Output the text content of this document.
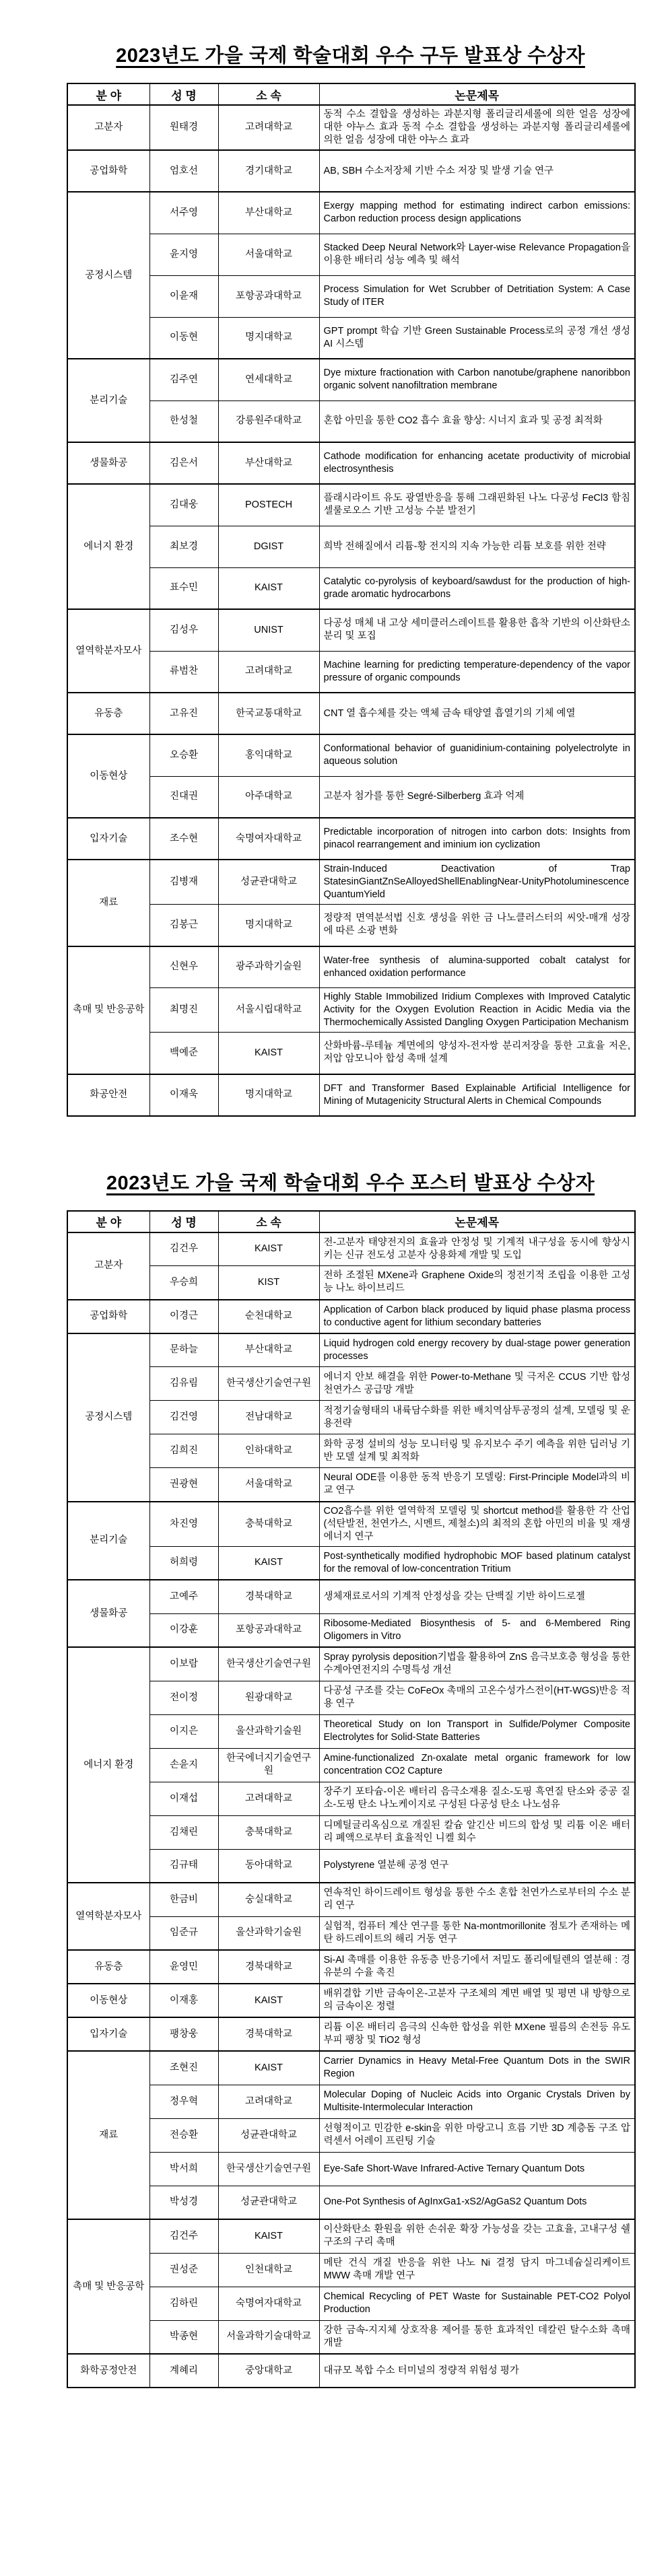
2023년도 가을 국제 학술대회 우수 구두 발표상 수상자
분 야	성 명	소 속	논문제목
고분자	원태경	고려대학교	동적 수소 결합을 생성하는 과분지형 폴리글리세롤에 의한 얼음 성장에 대한 야누스 효과 동적 수소 결합을 생성하는 과분지형 폴리글리세롤에 의한 얼음 성장에 대한 야누스 효과
공업화학	엄호선	경기대학교	AB, SBH 수소저장체 기반 수소 저장 및 발생 기술 연구
공정시스템	서주영	부산대학교	Exergy mapping method for estimating indirect carbon emissions: Carbon reduction process design applications
	윤지영	서울대학교	Stacked Deep Neural Network와 Layer-wise Relevance Propagation을 이용한 배터리 성능 예측 및 해석
	이윤재	포항공과대학교	Process Simulation for Wet Scrubber of Detritiation System: A Case Study of ITER
	이동현	명지대학교	GPT prompt 학습 기반 Green Sustainable Process로의 공정 개선 생성 AI 시스템
분리기술	김주연	연세대학교	Dye mixture fractionation with Carbon nanotube/graphene nanoribbon organic solvent nanofiltration membrane
	한성철	강릉원주대학교	혼합 아민을 통한 CO2 흡수 효율 향상: 시너지 효과 및 공정 최적화
생물화공	김은서	부산대학교	Cathode modification for enhancing acetate productivity of microbial electrosynthesis
에너지 환경	김대웅	POSTECH	플래시라이트 유도 광열반응을 통해 그래핀화된 나노 다공성 FeCl3 함침 셀룰로오스 기반 고성능 수분 발전기
	최보경	DGIST	희박 전해질에서 리튬-황 전지의 지속 가능한 리튬 보호를 위한 전략
	표수민	KAIST	Catalytic co-pyrolysis of keyboard/sawdust for the production of high-grade aromatic hydrocarbons
열역학분자모사	김성우	UNIST	다공성 매체 내 고상 세미클러스레이트를 활용한 흡착 기반의 이산화탄소 분리 및 포집
	류범찬	고려대학교	Machine learning for predicting temperature-dependency of the vapor pressure of organic compounds
유동층	고유진	한국교통대학교	CNT 열 흡수체를 갖는 액체 금속 태양열 흡열기의 기체 예열
이동현상	오승환	홍익대학교	Conformational behavior of guanidinium-containing polyelectrolyte in aqueous solution
	진대권	아주대학교	고분자 첨가를 통한 Segré-Silberberg 효과 억제
입자기술	조수현	숙명여자대학교	Predictable incorporation of nitrogen into carbon dots: Insights from pinacol rearrangement and iminium ion cyclization
재료	김병재	성균관대학교	Strain-Induced Deactivation of Trap StatesinGiantZnSeAlloyedShellEnablingNear-UnityPhotoluminescence QuantumYield
	김봉근	명지대학교	정량적 면역분석법 신호 생성을 위한 금 나노클러스터의 씨앗-매개 성장에 따른 소광 변화
촉매 및 반응공학	신현우	광주과학기술원	Water-free synthesis of alumina-supported cobalt catalyst for enhanced oxidation performance
	최명진	서울시립대학교	Highly Stable Immobilized Iridium Complexes with Improved Catalytic Activity for the Oxygen Evolution Reaction in Acidic Media via the Thermochemically Assisted Dangling Oxygen Participation Mechanism
	백예준	KAIST	산화바륨-루테늄 계면에의 양성자-전자쌍 분리저장을 통한 고효율 저온, 저압 암모니아 합성 촉매 설계
화공안전	이재욱	명지대학교	DFT and Transformer Based Explainable Artificial Intelligence for Mining of Mutagenicity Structural Alerts in Chemical Compounds
2023년도 가을 국제 학술대회 우수 포스터 발표상 수상자
분 야	성 명	소 속	논문제목
고분자	김건우	KAIST	전-고분자 태양전지의 효율과 안정성 및 기계적 내구성을 동시에 향상시키는 신규 전도성 고분자 상용화제 개발 및 도입
	우승희	KIST	전하 조절된 MXene과 Graphene Oxide의 정전기적 조립을 이용한 고성능 나노 하이브리드
공업화학	이경근	순천대학교	Application of Carbon black produced by liquid phase plasma process to conductive agent for lithium secondary batteries
공정시스템	문하늘	부산대학교	Liquid hydrogen cold energy recovery by dual-stage power generation processes
	김유림	한국생산기술연구원	에너지 안보 해결을 위한 Power-to-Methane 및 극저온 CCUS 기반 합성천연가스 공급망 개발
	김건영	전남대학교	적정기술형태의 내륙담수화를 위한 배치역삼투공정의 설계, 모델링 및 운용전략
	김희진	인하대학교	화학 공정 설비의 성능 모니터링 및 유지보수 주기 예측을 위한 딥러닝 기반 모델 설계 및 최적화
	권광현	서울대학교	Neural ODE를 이용한 동적 반응기 모델링: First-Principle Model과의 비교 연구
분리기술	차진영	충북대학교	CO2흡수를 위한 열역학적 모델링 및 shortcut method를 활용한 각 산업(석탄발전, 천연가스, 시멘트, 제철소)의 최적의 혼합 아민의 비율 및 재생에너지 연구
	허희령	KAIST	Post-synthetically modified hydrophobic MOF based platinum catalyst for the removal of low-concentration Tritium
생물화공	고예주	경북대학교	생체재료로서의 기계적 안정성을 갖는 단백질 기반 하이드로젤
	이강훈	포항공과대학교	Ribosome-Mediated Biosynthesis of 5- and 6-Membered Ring Oligomers in Vitro
에너지 환경	이보람	한국생산기술연구원	Spray pyrolysis deposition기법을 활용하여 ZnS 음극보호층 형성을 통한 수계아연전지의 수명특성 개선
	전이정	원광대학교	다공성 구조를 갖는 CoFeOx 촉매의 고온수성가스전이(HT-WGS)반응 적용 연구
	이지은	울산과학기술원	Theoretical Study on Ion Transport in Sulfide/Polymer Composite Electrolytes for Solid-State Batteries
	손윤지	한국에너지기술연구원	Amine-functionalized Zn-oxalate metal organic framework for low concentration CO2 Capture
	이재섭	고려대학교	장주기 포타슘-이온 배터리 음극소재용 질소-도핑 흑연질 탄소와 중공 질소-도핑 탄소 나노케이지로 구성된 다공성 탄소 나노섬유
	김채린	충북대학교	디메틸글리옥심으로 개질된 칼슘 알긴산 비드의 합성 및 리튬 이온 배터리 폐액으로부터 효율적인 니켈 회수
	김규태	동아대학교	Polystyrene 열분해 공정 연구
열역학분자모사	한금비	숭실대학교	연속적인 하이드레이트 형성을 통한 수소 혼합 천연가스로부터의 수소 분리 연구
	임준규	울산과학기술원	실험적, 컴퓨터 계산 연구를 통한 Na-montmorillonite 점토가 존재하는 메탄 하드레이트의 해리 거동 연구
유동층	윤영민	경북대학교	Si-Al 촉매를 이용한 유동층 반응기에서 저밀도 폴리에틸렌의 열분해 : 경유분의 수율 촉진
이동현상	이재홍	KAIST	배위결합 기반 금속이온-고분자 구조체의 계면 배열 및 평면 내 방향으로의 금속이온 정렬
입자기술	팽창웅	경북대학교	리튬 이온 배터리 음극의 신속한 합성을 위한 MXene 필름의 손전등 유도 부피 팽창 및 TiO2 형성
재료	조현진	KAIST	Carrier Dynamics in Heavy Metal-Free Quantum Dots in the SWIR Region
	정우혁	고려대학교	Molecular Doping of Nucleic Acids into Organic Crystals Driven by Multisite-Intermolecular Interaction
	전승환	성균관대학교	선형적이고 민감한 e-skin을 위한 마랑고니 흐름 기반 3D 계층돔 구조 압력센서 어레이 프린팅 기술
	박서희	한국생산기술연구원	Eye-Safe Short-Wave Infrared-Active Ternary Quantum Dots
	박성경	성균관대학교	One-Pot Synthesis of AgInxGa1-xS2/AgGaS2 Quantum Dots
촉매 및 반응공학	김건주	KAIST	이산화탄소 환원을 위한 손쉬운 확장 가능성을 갖는 고효율, 고내구성 쉘 구조의 구리 촉매
	권성준	인천대학교	메탄 건식 개질 반응을 위한 나노 Ni 결정 담지 마그네슘실리케이트 MWW 촉매 개발 연구
	김하린	숙명여자대학교	Chemical Recycling of PET Waste for Sustainable PET-CO2 Polyol Production
	박종현	서울과학기술대학교	강한 금속-지지체 상호작용 제어를 통한 효과적인 데칼린 탈수소화 촉매 개발
화학공정안전	계혜리	중앙대학교	대규모 복합 수소 터미널의 정량적 위험성 평가
